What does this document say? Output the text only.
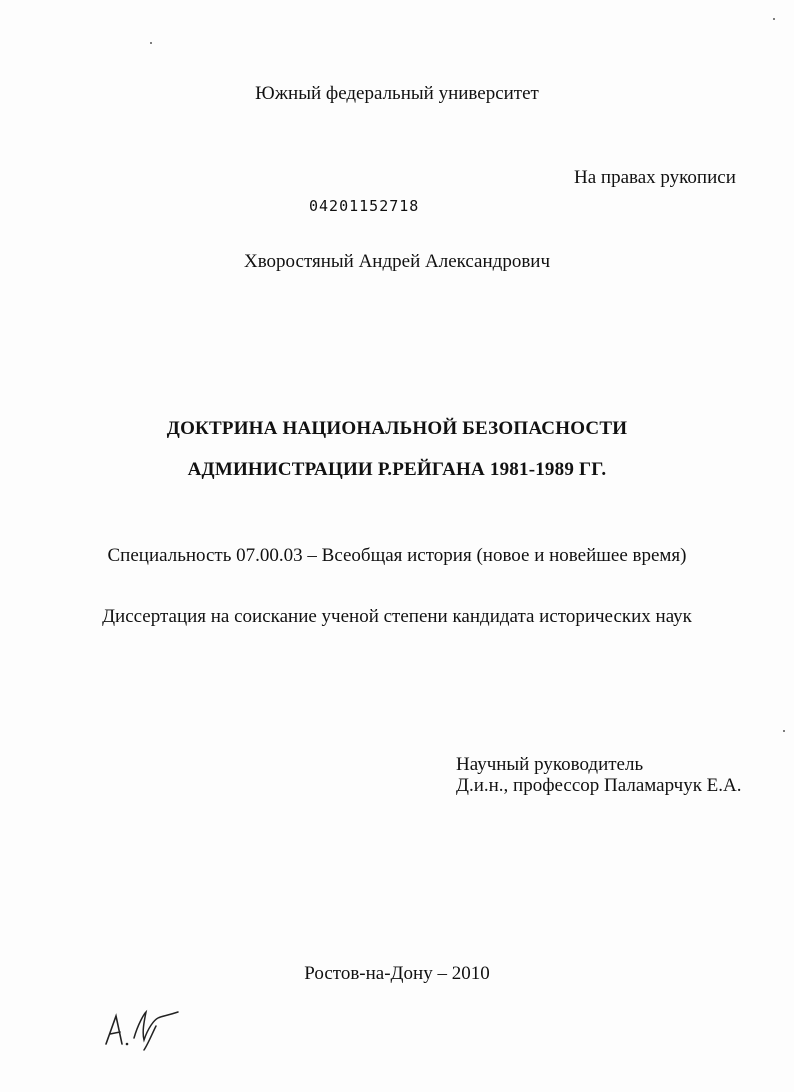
Южный федеральный университет
На правах рукописи
04201152718
Хворостяный Андрей Александрович
ДОКТРИНА НАЦИОНАЛЬНОЙ БЕЗОПАСНОСТИ
АДМИНИСТРАЦИИ Р.РЕЙГАНА 1981-1989 ГГ.
Специальность 07.00.03 – Всеобщая история (новое и новейшее время)
Диссертация на соискание ученой степени кандидата исторических наук
Научный руководитель
Д.и.н., профессор Паламарчук Е.А.
Ростов-на-Дону – 2010
